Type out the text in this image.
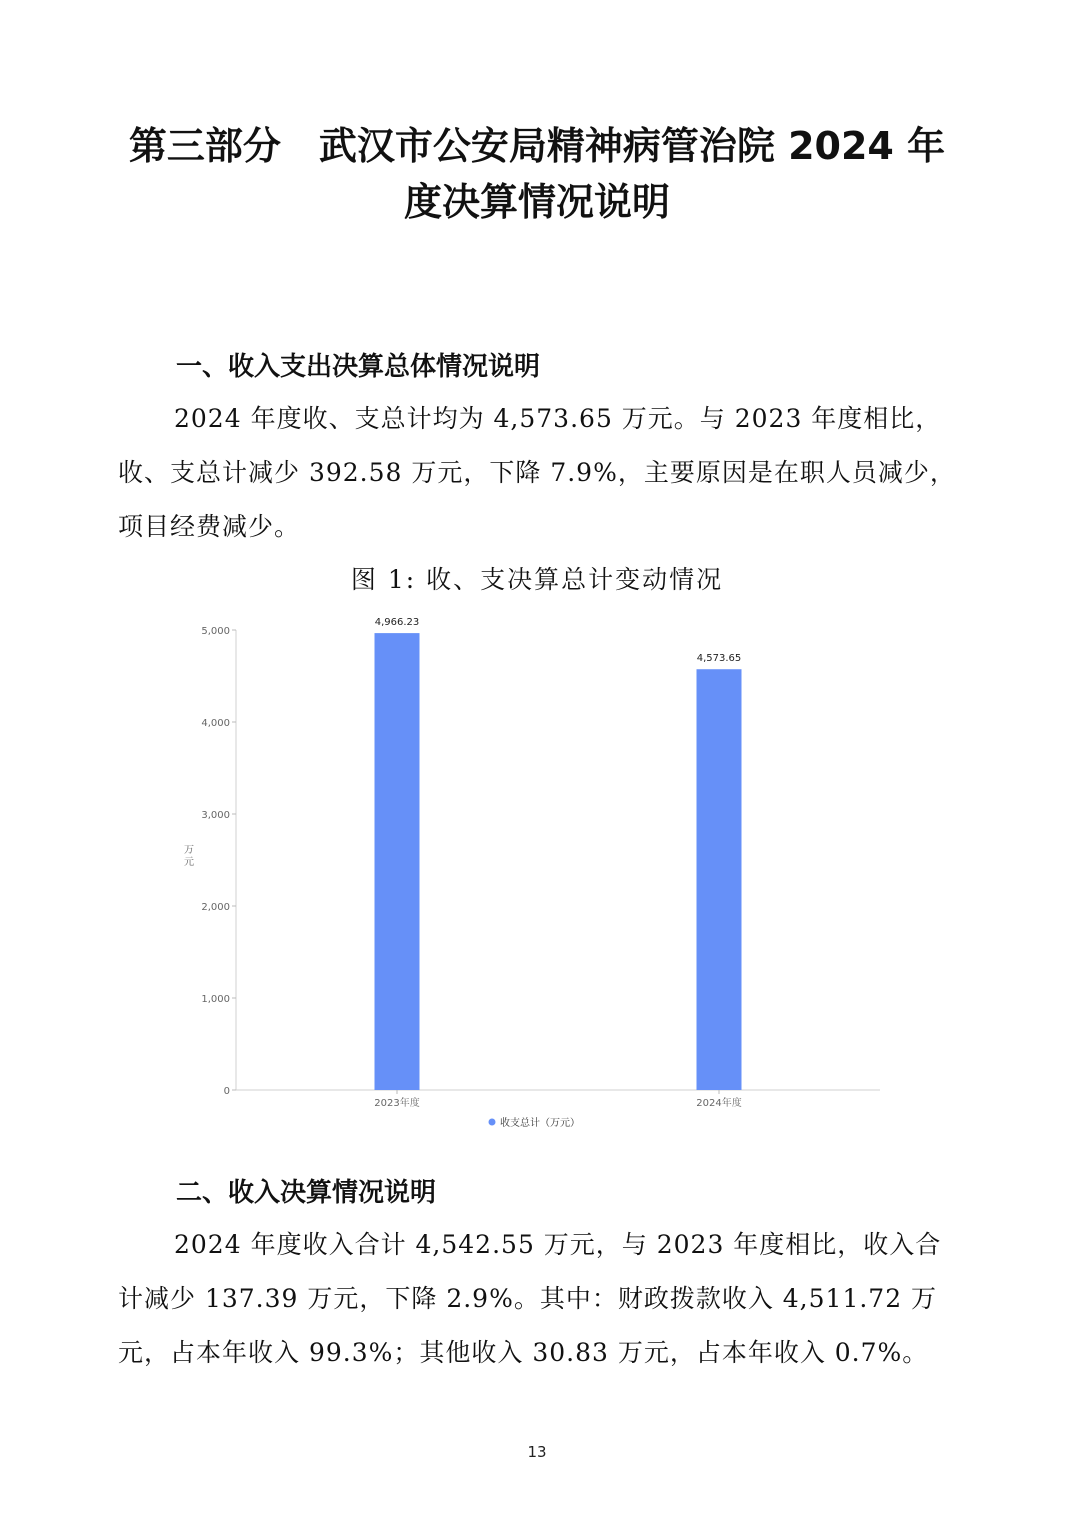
第三部分　武汉市公安局精神病管治院 2024 年
度决算情况说明
一、收入支出决算总体情况说明
2024 年度收、支总计均为 4,573.65 万元。与 2023 年度相比，收、支总计减少 392.58 万元，下降 7.9%，主要原因是在职人员减少，项目经费减少。
图 1: 收、支决算总计变动情况
0
1,000
2,000
3,000
4,000
5,000
万元
4,966.23
2023年度
4,573.65
2024年度
收支总计（万元）
二、收入决算情况说明
2024 年度收入合计 4,542.55 万元，与 2023 年度相比，收入合计减少 137.39 万元，下降 2.9%。其中：财政拨款收入 4,511.72 万元，占本年收入 99.3%；其他收入 30.83 万元，占本年收入 0.7%。
13
